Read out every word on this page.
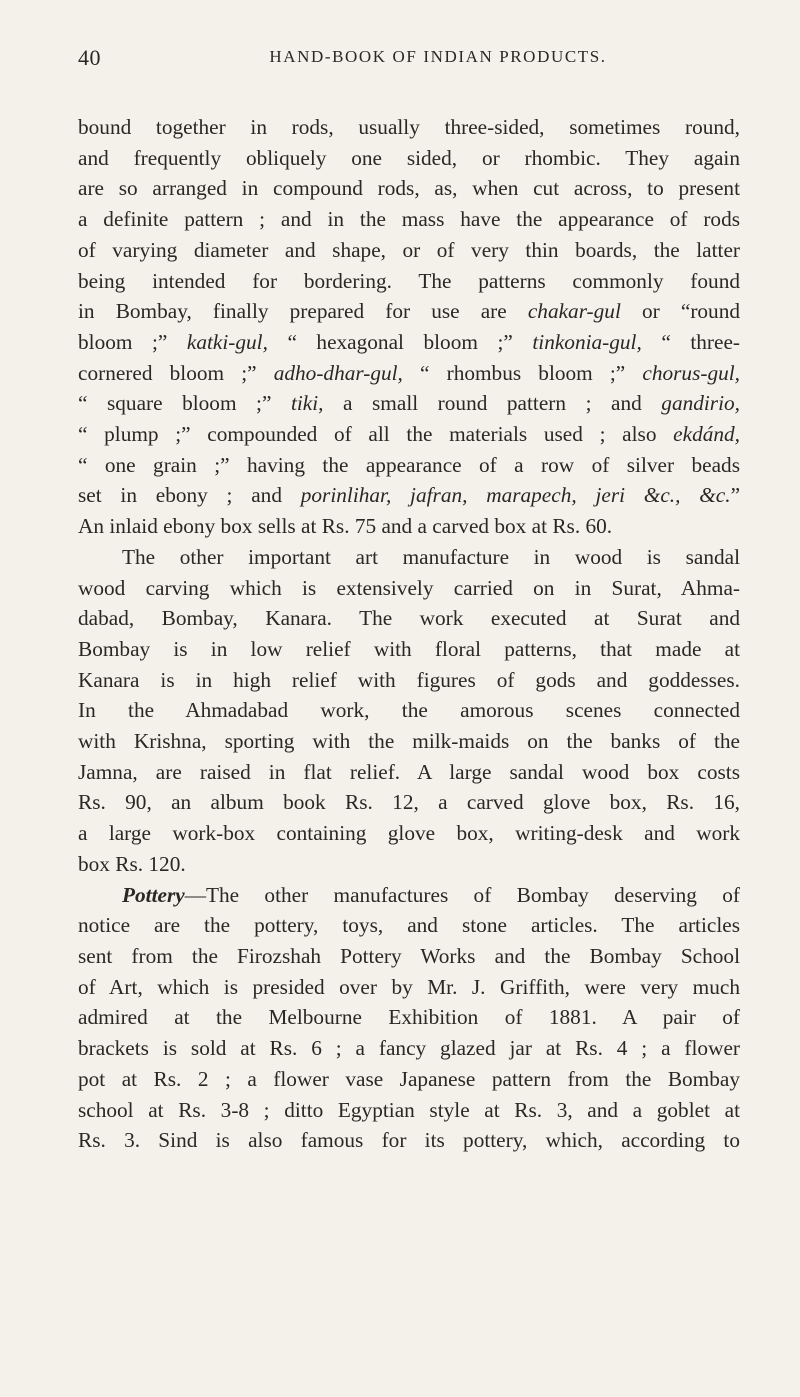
40	HAND-BOOK OF INDIAN PRODUCTS.

bound together in rods, usually three-sided, sometimes round,
and frequently obliquely one sided, or rhombic. They again
are so arranged in compound rods, as, when cut across, to present
a definite pattern ; and in the mass have the appearance of rods
of varying diameter and shape, or of very thin boards, the latter
being intended for bordering. The patterns commonly found
in Bombay, finally prepared for use are chakar-gul or “round
bloom ;” katki-gul, “ hexagonal bloom ;” tinkonia-gul, “ three-
cornered bloom ;” adho-dhar-gul, “ rhombus bloom ;” chorus-gul,
“ square bloom ;” tiki, a small round pattern ; and gandirio,
“ plump ;” compounded of all the materials used ; also ekdánd,
“ one grain ;” having the appearance of a row of silver beads
set in ebony ; and porinlihar, jafran, marapech, jeri &c., &c.”
An inlaid ebony box sells at Rs. 75 and a carved box at Rs. 60.

The other important art manufacture in wood is sandal
wood carving which is extensively carried on in Surat, Ahma-
dabad, Bombay, Kanara. The work executed at Surat and
Bombay is in low relief with floral patterns, that made at
Kanara is in high relief with figures of gods and goddesses.
In the Ahmadabad work, the amorous scenes connected
with Krishna, sporting with the milk-maids on the banks of the
Jamna, are raised in flat relief. A large sandal wood box costs
Rs. 90, an album book Rs. 12, a carved glove box, Rs. 16,
a large work-box containing glove box, writing-desk and work
box Rs. 120.

Pottery—The other manufactures of Bombay deserving of
notice are the pottery, toys, and stone articles. The articles
sent from the Firozshah Pottery Works and the Bombay School
of Art, which is presided over by Mr. J. Griffith, were very much
admired at the Melbourne Exhibition of 1881. A pair of
brackets is sold at Rs. 6 ; a fancy glazed jar at Rs. 4 ; a flower
pot at Rs. 2 ; a flower vase Japanese pattern from the Bombay
school at Rs. 3-8 ; ditto Egyptian style at Rs. 3, and a goblet at
Rs. 3. Sind is also famous for its pottery, which, according to
